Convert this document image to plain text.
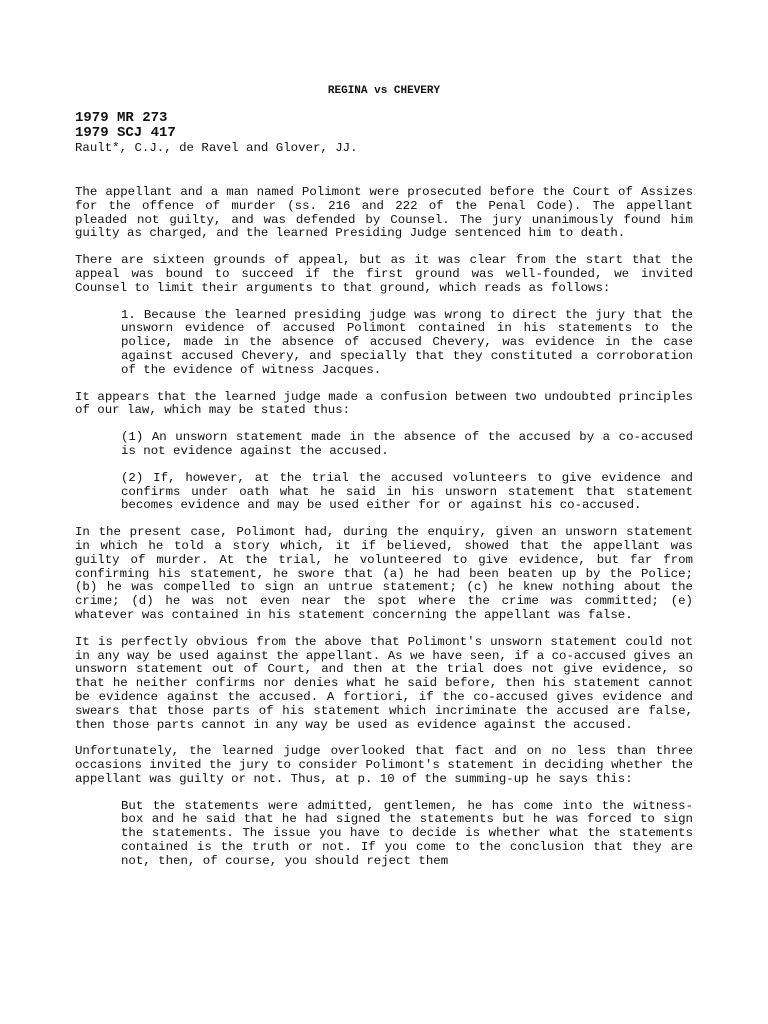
REGINA vs CHEVERY
1979 MR 273
1979 SCJ 417
Rault*, C.J., de Ravel and Glover, JJ.

The appellant and a man named Polimont were prosecuted before the Court of Assizes for the offence of murder (ss. 216 and 222 of the Penal Code). The appellant pleaded not guilty, and was defended by Counsel. The jury unanimously found him guilty as charged, and the learned Presiding Judge sentenced him to death.

There are sixteen grounds of appeal, but as it was clear from the start that the appeal was bound to succeed if the first ground was well-founded, we invited Counsel to limit their arguments to that ground, which reads as follows:

1. Because the learned presiding judge was wrong to direct the jury that the unsworn evidence of accused Polimont contained in his statements to the police, made in the absence of accused Chevery, was evidence in the case against accused Chevery, and specially that they constituted a corroboration of the evidence of witness Jacques.

It appears that the learned judge made a confusion between two undoubted principles of our law, which may be stated thus:

(1) An unsworn statement made in the absence of the accused by a co-accused is not evidence against the accused.

(2) If, however, at the trial the accused volunteers to give evidence and confirms under oath what he said in his unsworn statement that statement becomes evidence and may be used either for or against his co-accused.

In the present case, Polimont had, during the enquiry, given an unsworn statement in which he told a story which, it if believed, showed that the appellant was guilty of murder. At the trial, he volunteered to give evidence, but far from confirming his statement, he swore that (a) he had been beaten up by the Police; (b) he was compelled to sign an untrue statement; (c) he knew nothing about the crime; (d) he was not even near the spot where the crime was committed; (e) whatever was contained in his statement concerning the appellant was false.

It is perfectly obvious from the above that Polimont's unsworn statement could not in any way be used against the appellant. As we have seen, if a co-accused gives an unsworn statement out of Court, and then at the trial does not give evidence, so that he neither confirms nor denies what he said before, then his statement cannot be evidence against the accused. A fortiori, if the co-accused gives evidence and swears that those parts of his statement which incriminate the accused are false, then those parts cannot in any way be used as evidence against the accused.

Unfortunately, the learned judge overlooked that fact and on no less than three occasions invited the jury to consider Polimont's statement in deciding whether the appellant was guilty or not. Thus, at p. 10 of the summing-up he says this:

But the statements were admitted, gentlemen, he has come into the witness-box and he said that he had signed the statements but he was forced to sign the statements. The issue you have to decide is whether what the statements contained is the truth or not. If you come to the conclusion that they are not, then, of course, you should reject them
